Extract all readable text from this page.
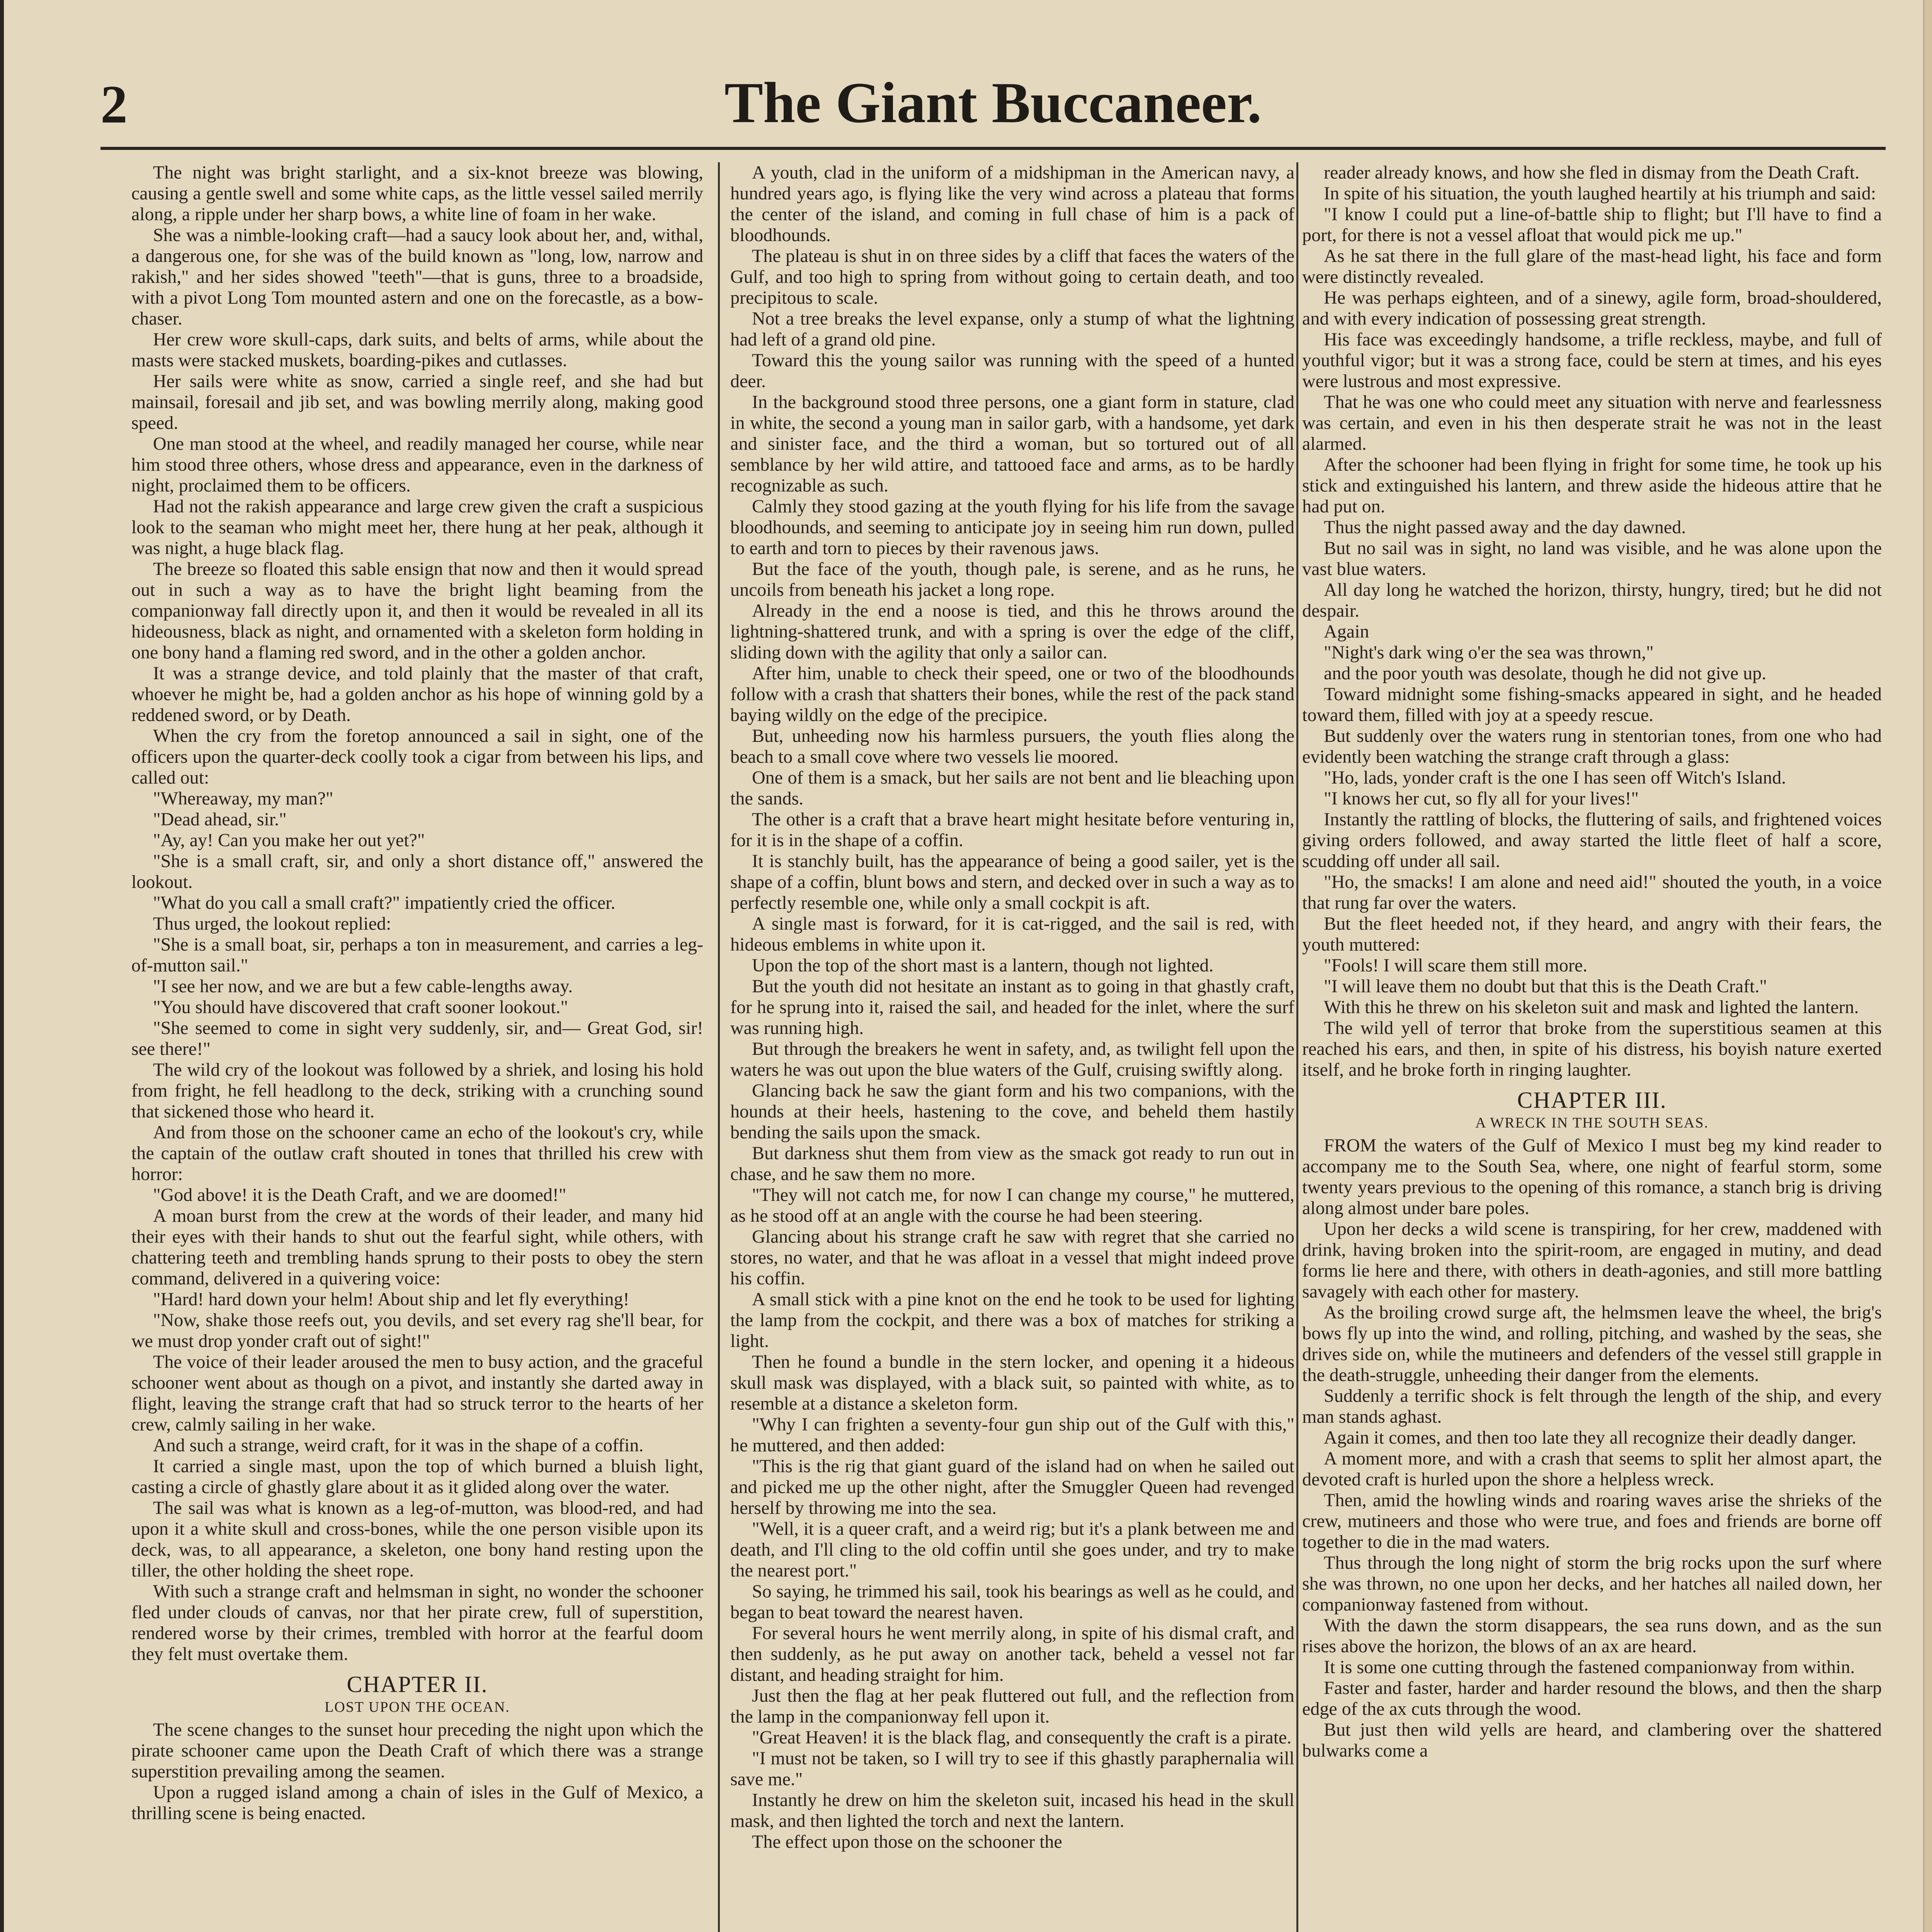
2	The Giant Buccaneer.

The night was bright starlight, and a six-knot breeze was blowing, causing a gentle swell and some white caps, as the little vessel sailed merrily along, a ripple under her sharp bows, a white line of foam in her wake.

She was a nimble-looking craft—had a saucy look about her, and, withal, a dangerous one, for she was of the build known as "long, low, narrow and rakish," and her sides showed "teeth"—that is guns, three to a broadside, with a pivot Long Tom mounted astern and one on the forecastle, as a bow-chaser.

Her crew wore skull-caps, dark suits, and belts of arms, while about the masts were stacked muskets, boarding-pikes and cutlasses.

Her sails were white as snow, carried a single reef, and she had but mainsail, foresail and jib set, and was bowling merrily along, making good speed.

One man stood at the wheel, and readily managed her course, while near him stood three others, whose dress and appearance, even in the darkness of night, proclaimed them to be officers.

Had not the rakish appearance and large crew given the craft a suspicious look to the seaman who might meet her, there hung at her peak, although it was night, a huge black flag.

The breeze so floated this sable ensign that now and then it would spread out in such a way as to have the bright light beaming from the companionway fall directly upon it, and then it would be revealed in all its hideousness, black as night, and ornamented with a skeleton form holding in one bony hand a flaming red sword, and in the other a golden anchor.

It was a strange device, and told plainly that the master of that craft, whoever he might be, had a golden anchor as his hope of winning gold by a reddened sword, or by Death.

When the cry from the foretop announced a sail in sight, one of the officers upon the quarter-deck coolly took a cigar from between his lips, and called out:

"Whereaway, my man?"

"Dead ahead, sir."

"Ay, ay! Can you make her out yet?"

"She is a small craft, sir, and only a short distance off," answered the lookout.

"What do you call a small craft?" impatiently cried the officer.

Thus urged, the lookout replied:

"She is a small boat, sir, perhaps a ton in measurement, and carries a leg-of-mutton sail."

"I see her now, and we are but a few cable-lengths away.

"You should have discovered that craft sooner lookout."

"She seemed to come in sight very suddenly, sir, and— Great God, sir! see there!"

The wild cry of the lookout was followed by a shriek, and losing his hold from fright, he fell headlong to the deck, striking with a crunching sound that sickened those who heard it.

And from those on the schooner came an echo of the lookout's cry, while the captain of the outlaw craft shouted in tones that thrilled his crew with horror:

"God above! it is the Death Craft, and we are doomed!"

A moan burst from the crew at the words of their leader, and many hid their eyes with their hands to shut out the fearful sight, while others, with chattering teeth and trembling hands sprung to their posts to obey the stern command, delivered in a quivering voice:

"Hard! hard down your helm! About ship and let fly everything!

"Now, shake those reefs out, you devils, and set every rag she'll bear, for we must drop yonder craft out of sight!"

The voice of their leader aroused the men to busy action, and the graceful schooner went about as though on a pivot, and instantly she darted away in flight, leaving the strange craft that had so struck terror to the hearts of her crew, calmly sailing in her wake.

And such a strange, weird craft, for it was in the shape of a coffin.

It carried a single mast, upon the top of which burned a bluish light, casting a circle of ghastly glare about it as it glided along over the water.

The sail was what is known as a leg-of-mutton, was blood-red, and had upon it a white skull and cross-bones, while the one person visible upon its deck, was, to all appearance, a skeleton, one bony hand resting upon the tiller, the other holding the sheet rope.

With such a strange craft and helmsman in sight, no wonder the schooner fled under clouds of canvas, nor that her pirate crew, full of superstition, rendered worse by their crimes, trembled with horror at the fearful doom they felt must overtake them.

CHAPTER II.

LOST UPON THE OCEAN.

The scene changes to the sunset hour preceding the night upon which the pirate schooner came upon the Death Craft of which there was a strange superstition prevailing among the seamen.

Upon a rugged island among a chain of isles in the Gulf of Mexico, a thrilling scene is being enacted.

A youth, clad in the uniform of a midshipman in the American navy, a hundred years ago, is flying like the very wind across a plateau that forms the center of the island, and coming in full chase of him is a pack of bloodhounds.

The plateau is shut in on three sides by a cliff that faces the waters of the Gulf, and too high to spring from without going to certain death, and too precipitous to scale.

Not a tree breaks the level expanse, only a stump of what the lightning had left of a grand old pine.

Toward this the young sailor was running with the speed of a hunted deer.

In the background stood three persons, one a giant form in stature, clad in white, the second a young man in sailor garb, with a handsome, yet dark and sinister face, and the third a woman, but so tortured out of all semblance by her wild attire, and tattooed face and arms, as to be hardly recognizable as such.

Calmly they stood gazing at the youth flying for his life from the savage bloodhounds, and seeming to anticipate joy in seeing him run down, pulled to earth and torn to pieces by their ravenous jaws.

But the face of the youth, though pale, is serene, and as he runs, he uncoils from beneath his jacket a long rope.

Already in the end a noose is tied, and this he throws around the lightning-shattered trunk, and with a spring is over the edge of the cliff, sliding down with the agility that only a sailor can.

After him, unable to check their speed, one or two of the bloodhounds follow with a crash that shatters their bones, while the rest of the pack stand baying wildly on the edge of the precipice.

But, unheeding now his harmless pursuers, the youth flies along the beach to a small cove where two vessels lie moored.

One of them is a smack, but her sails are not bent and lie bleaching upon the sands.

The other is a craft that a brave heart might hesitate before venturing in, for it is in the shape of a coffin.

It is stanchly built, has the appearance of being a good sailer, yet is the shape of a coffin, blunt bows and stern, and decked over in such a way as to perfectly resemble one, while only a small cockpit is aft.

A single mast is forward, for it is cat-rigged, and the sail is red, with hideous emblems in white upon it.

Upon the top of the short mast is a lantern, though not lighted.

But the youth did not hesitate an instant as to going in that ghastly craft, for he sprung into it, raised the sail, and headed for the inlet, where the surf was running high.

But through the breakers he went in safety, and, as twilight fell upon the waters he was out upon the blue waters of the Gulf, cruising swiftly along.

Glancing back he saw the giant form and his two companions, with the hounds at their heels, hastening to the cove, and beheld them hastily bending the sails upon the smack.

But darkness shut them from view as the smack got ready to run out in chase, and he saw them no more.

"They will not catch me, for now I can change my course," he muttered, as he stood off at an angle with the course he had been steering.

Glancing about his strange craft he saw with regret that she carried no stores, no water, and that he was afloat in a vessel that might indeed prove his coffin.

A small stick with a pine knot on the end he took to be used for lighting the lamp from the cockpit, and there was a box of matches for striking a light.

Then he found a bundle in the stern locker, and opening it a hideous skull mask was displayed, with a black suit, so painted with white, as to resemble at a distance a skeleton form.

"Why I can frighten a seventy-four gun ship out of the Gulf with this," he muttered, and then added:

"This is the rig that giant guard of the island had on when he sailed out and picked me up the other night, after the Smuggler Queen had revenged herself by throwing me into the sea.

"Well, it is a queer craft, and a weird rig; but it's a plank between me and death, and I'll cling to the old coffin until she goes under, and try to make the nearest port."

So saying, he trimmed his sail, took his bearings as well as he could, and began to beat toward the nearest haven.

For several hours he went merrily along, in spite of his dismal craft, and then suddenly, as he put away on another tack, beheld a vessel not far distant, and heading straight for him.

Just then the flag at her peak fluttered out full, and the reflection from the lamp in the companionway fell upon it.

"Great Heaven! it is the black flag, and consequently the craft is a pirate.

"I must not be taken, so I will try to see if this ghastly paraphernalia will save me."

Instantly he drew on him the skeleton suit, incased his head in the skull mask, and then lighted the torch and next the lantern.

The effect upon those on the schooner the

reader already knows, and how she fled in dismay from the Death Craft.

In spite of his situation, the youth laughed heartily at his triumph and said:

"I know I could put a line-of-battle ship to flight; but I'll have to find a port, for there is not a vessel afloat that would pick me up."

As he sat there in the full glare of the mast-head light, his face and form were distinctly revealed.

He was perhaps eighteen, and of a sinewy, agile form, broad-shouldered, and with every indication of possessing great strength.

His face was exceedingly handsome, a trifle reckless, maybe, and full of youthful vigor; but it was a strong face, could be stern at times, and his eyes were lustrous and most expressive.

That he was one who could meet any situation with nerve and fearlessness was certain, and even in his then desperate strait he was not in the least alarmed.

After the schooner had been flying in fright for some time, he took up his stick and extinguished his lantern, and threw aside the hideous attire that he had put on.

Thus the night passed away and the day dawned.

But no sail was in sight, no land was visible, and he was alone upon the vast blue waters.

All day long he watched the horizon, thirsty, hungry, tired; but he did not despair.

Again

"Night's dark wing o'er the sea was thrown,"

and the poor youth was desolate, though he did not give up.

Toward midnight some fishing-smacks appeared in sight, and he headed toward them, filled with joy at a speedy rescue.

But suddenly over the waters rung in stentorian tones, from one who had evidently been watching the strange craft through a glass:

"Ho, lads, yonder craft is the one I has seen off Witch's Island.

"I knows her cut, so fly all for your lives!"

Instantly the rattling of blocks, the fluttering of sails, and frightened voices giving orders followed, and away started the little fleet of half a score, scudding off under all sail.

"Ho, the smacks! I am alone and need aid!" shouted the youth, in a voice that rung far over the waters.

But the fleet heeded not, if they heard, and angry with their fears, the youth muttered:

"Fools! I will scare them still more.

"I will leave them no doubt but that this is the Death Craft."

With this he threw on his skeleton suit and mask and lighted the lantern.

The wild yell of terror that broke from the superstitious seamen at this reached his ears, and then, in spite of his distress, his boyish nature exerted itself, and he broke forth in ringing laughter.

CHAPTER III.

A WRECK IN THE SOUTH SEAS.

FROM the waters of the Gulf of Mexico I must beg my kind reader to accompany me to the South Sea, where, one night of fearful storm, some twenty years previous to the opening of this romance, a stanch brig is driving along almost under bare poles.

Upon her decks a wild scene is transpiring, for her crew, maddened with drink, having broken into the spirit-room, are engaged in mutiny, and dead forms lie here and there, with others in death-agonies, and still more battling savagely with each other for mastery.

As the broiling crowd surge aft, the helmsmen leave the wheel, the brig's bows fly up into the wind, and rolling, pitching, and washed by the seas, she drives side on, while the mutineers and defenders of the vessel still grapple in the death-struggle, unheeding their danger from the elements.

Suddenly a terrific shock is felt through the length of the ship, and every man stands aghast.

Again it comes, and then too late they all recognize their deadly danger.

A moment more, and with a crash that seems to split her almost apart, the devoted craft is hurled upon the shore a helpless wreck.

Then, amid the howling winds and roaring waves arise the shrieks of the crew, mutineers and those who were true, and foes and friends are borne off together to die in the mad waters.

Thus through the long night of storm the brig rocks upon the surf where she was thrown, no one upon her decks, and her hatches all nailed down, her companionway fastened from without.

With the dawn the storm disappears, the sea runs down, and as the sun rises above the horizon, the blows of an ax are heard.

It is some one cutting through the fastened companionway from within.

Faster and faster, harder and harder resound the blows, and then the sharp edge of the ax cuts through the wood.

But just then wild yells are heard, and clambering over the shattered bulwarks come a
